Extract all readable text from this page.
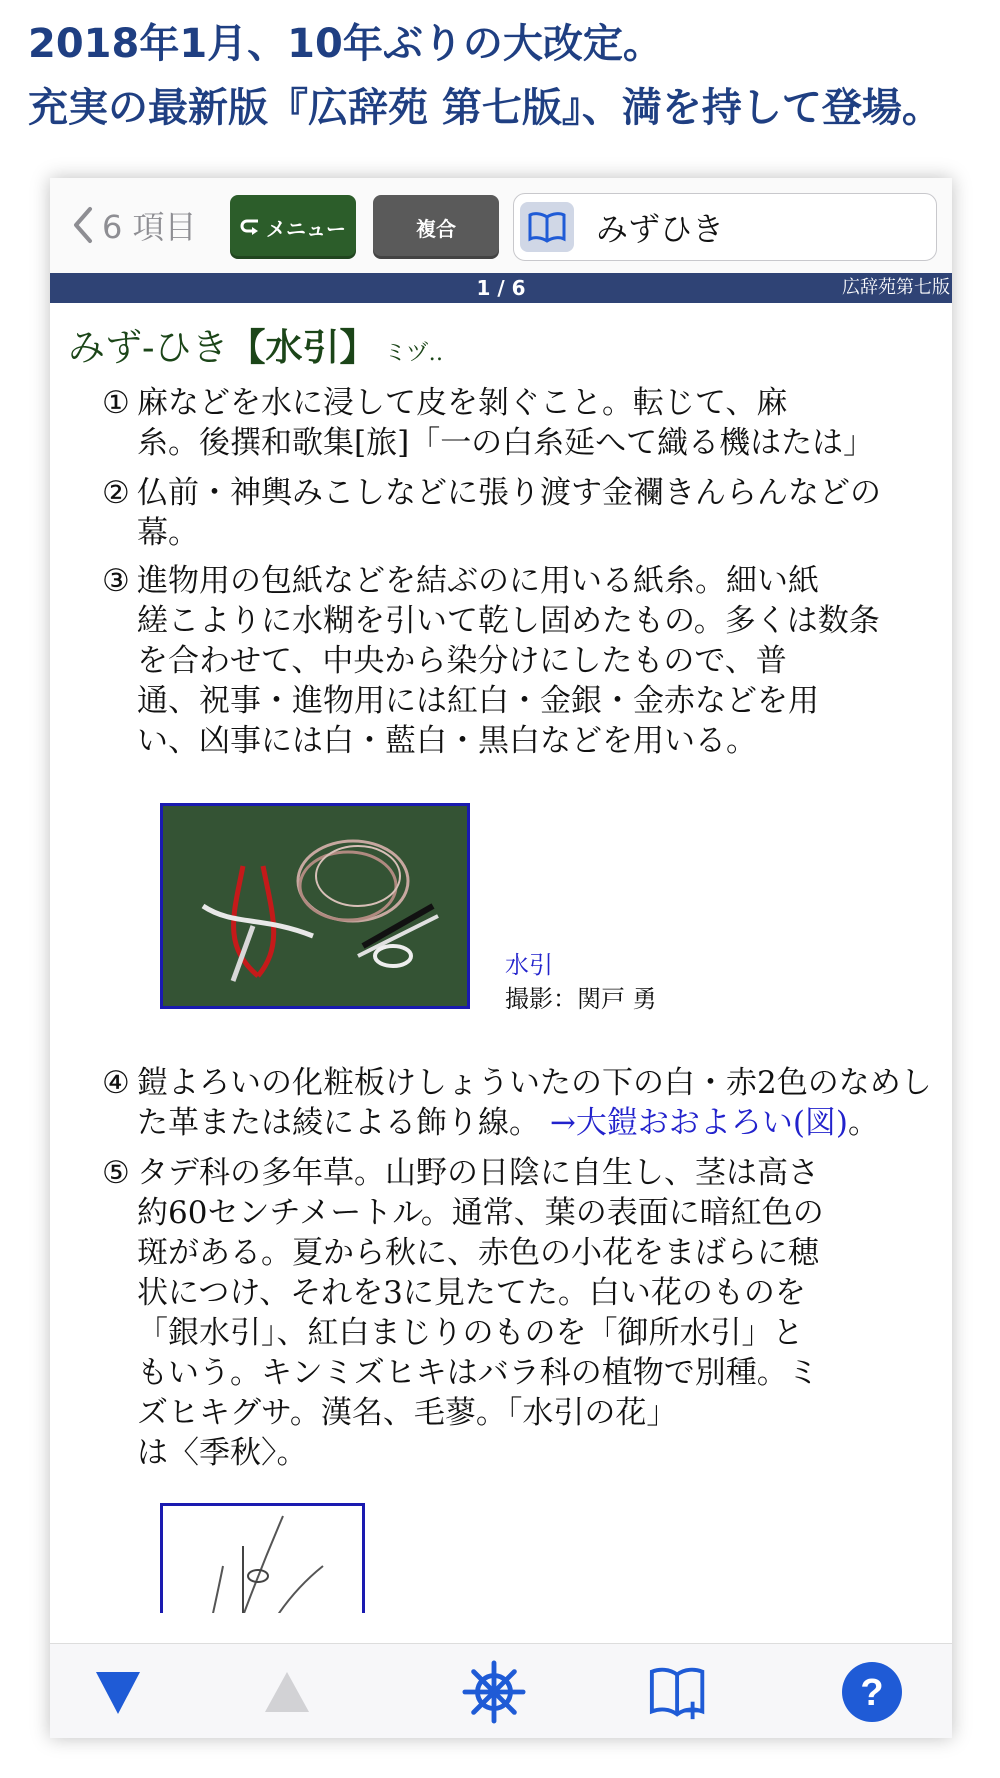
2018年1月、10年ぶりの大改定。
充実の最新版『広辞苑 第七版』、満を持して登場。
6 項目	メニュー	複合
みずひき
1 / 6	広辞苑第七版
みず-ひき【水引】 ミヅ‥
① 麻などを水に浸して皮を剝ぐこと。転じて、麻
糸。後撰和歌集[旅]「一の白糸延へて織る機はたは」
② 仏前・神輿みこしなどに張り渡す金襴きんらんなどの
幕。
③ 進物用の包紙などを結ぶのに用いる紙糸。細い紙
縒こよりに水糊を引いて乾し固めたもの。多くは数条
を合わせて、中央から染分けにしたもので、普
通、祝事・進物用には紅白・金銀・金赤などを用
い、凶事には白・藍白・黒白などを用いる。
水引
撮影：関戸 勇
④ 鎧よろいの化粧板けしょういたの下の白・赤2色のなめし
た革または綾による飾り線。 →大鎧おおよろい(図)。
⑤ タデ科の多年草。山野の日陰に自生し、茎は高さ
約60センチメートル。通常、葉の表面に暗紅色の
斑がある。夏から秋に、赤色の小花をまばらに穂
状につけ、それを3に見たてた。白い花のものを
「銀水引」、紅白まじりのものを「御所水引」と
もいう。キンミズヒキはバラ科の植物で別種。ミ
ズヒキグサ。漢名、毛蓼。「水引の花」
は〈季秋〉。
?
